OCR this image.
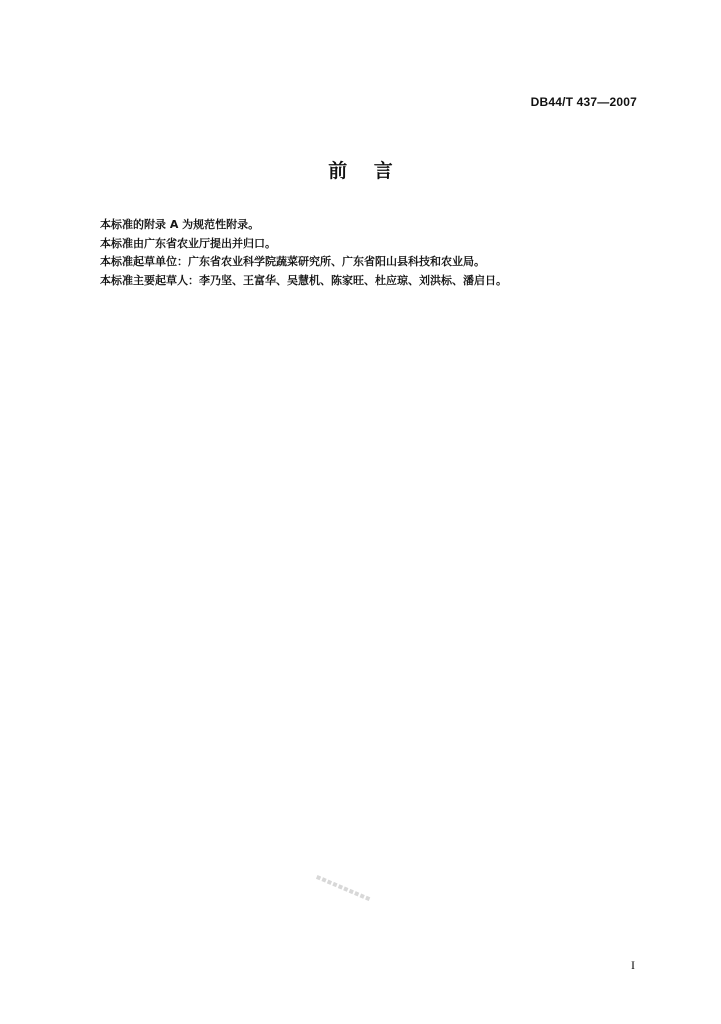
DB44/T 437—2007
前    言
本标准的附录 A 为规范性附录。
本标准由广东省农业厅提出并归口。
本标准起草单位：广东省农业科学院蔬菜研究所、广东省阳山县科技和农业局。
本标准主要起草人：李乃坚、王富华、吴慧机、陈家旺、杜应琼、刘洪标、潘启日。
▪▪▪▪▪▪▪▪▪▪
I
